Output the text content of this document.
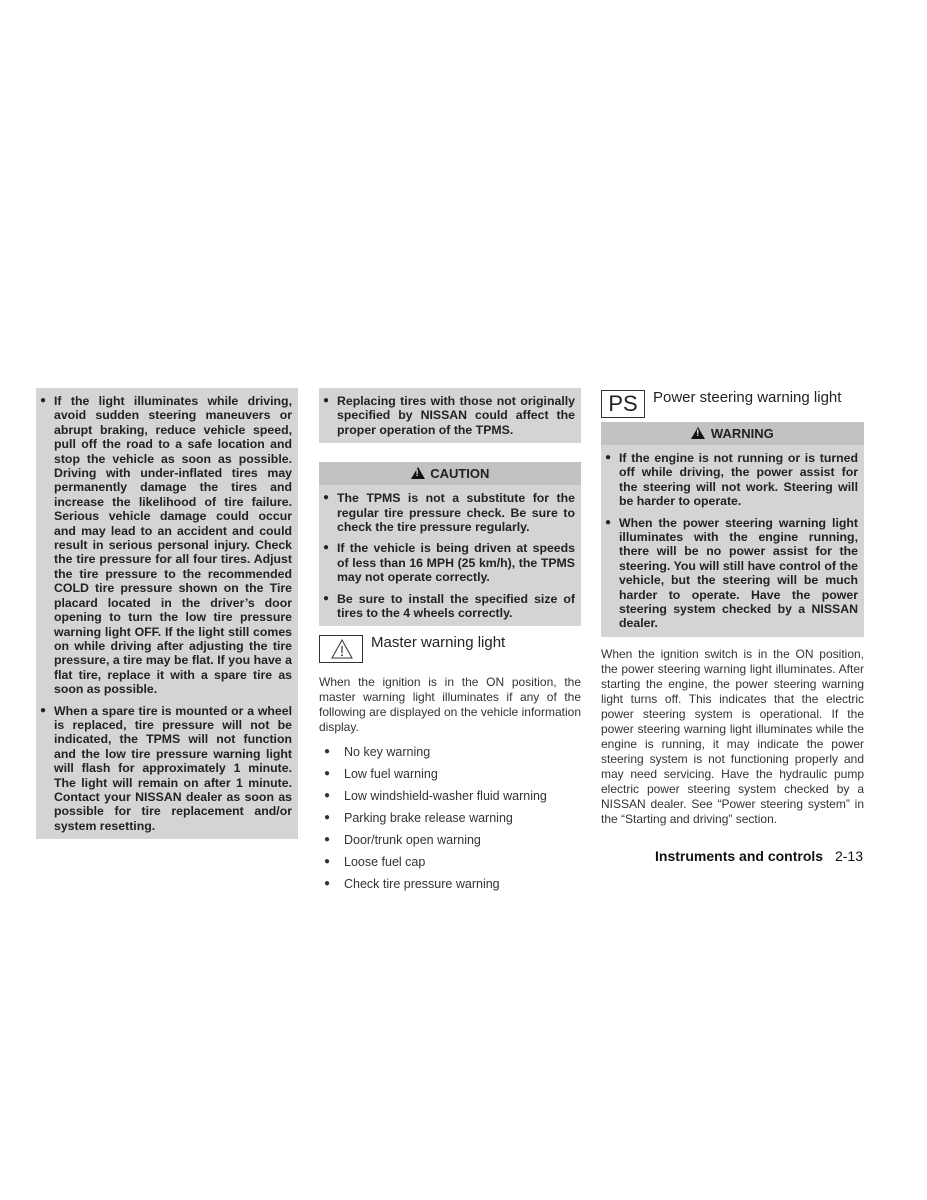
● If the light illuminates while driving, avoid sudden steering maneuvers or abrupt braking, reduce vehicle speed, pull off the road to a safe location and stop the vehicle as soon as possible. Driving with under-inflated tires may permanently damage the tires and increase the likelihood of tire failure. Serious vehicle damage could occur and may lead to an accident and could result in serious personal injury. Check the tire pressure for all four tires. Adjust the tire pressure to the recommended COLD tire pressure shown on the Tire placard located in the driver’s door opening to turn the low tire pressure warning light OFF. If the light still comes on while driving after adjusting the tire pressure, a tire may be flat. If you have a flat tire, replace it with a spare tire as soon as possible.
● When a spare tire is mounted or a wheel is replaced, tire pressure will not be indicated, the TPMS will not function and the low tire pressure warning light will flash for approximately 1 minute. The light will remain on after 1 minute. Contact your NISSAN dealer as soon as possible for tire replacement and/or system resetting.
● Replacing tires with those not originally specified by NISSAN could affect the proper operation of the TPMS.
! CAUTION
● The TPMS is not a substitute for the regular tire pressure check. Be sure to check the tire pressure regularly.
● If the vehicle is being driven at speeds of less than 16 MPH (25 km/h), the TPMS may not operate correctly.
● Be sure to install the specified size of tires to the 4 wheels correctly.
Master warning light

When the ignition is in the ON position, the master warning light illuminates if any of the following are displayed on the vehicle information display.

● No key warning
● Low fuel warning
● Low windshield-washer fluid warning
● Parking brake release warning
● Door/trunk open warning
● Loose fuel cap
● Check tire pressure warning
PS	Power steering warning light
! WARNING
● If the engine is not running or is turned off while driving, the power assist for the steering will not work. Steering will be harder to operate.
● When the power steering warning light illuminates with the engine running, there will be no power assist for the steering. You will still have control of the vehicle, but the steering will be much harder to operate. Have the power steering system checked by a NISSAN dealer.

When the ignition switch is in the ON position, the power steering warning light illuminates. After starting the engine, the power steering warning light turns off. This indicates that the electric power steering system is operational. If the power steering warning light illuminates while the engine is running, it may indicate the power steering system is not functioning properly and may need servicing. Have the hydraulic pump electric power steering system checked by a NISSAN dealer. See “Power steering system” in the “Starting and driving” section.

Instruments and controls 2-13
